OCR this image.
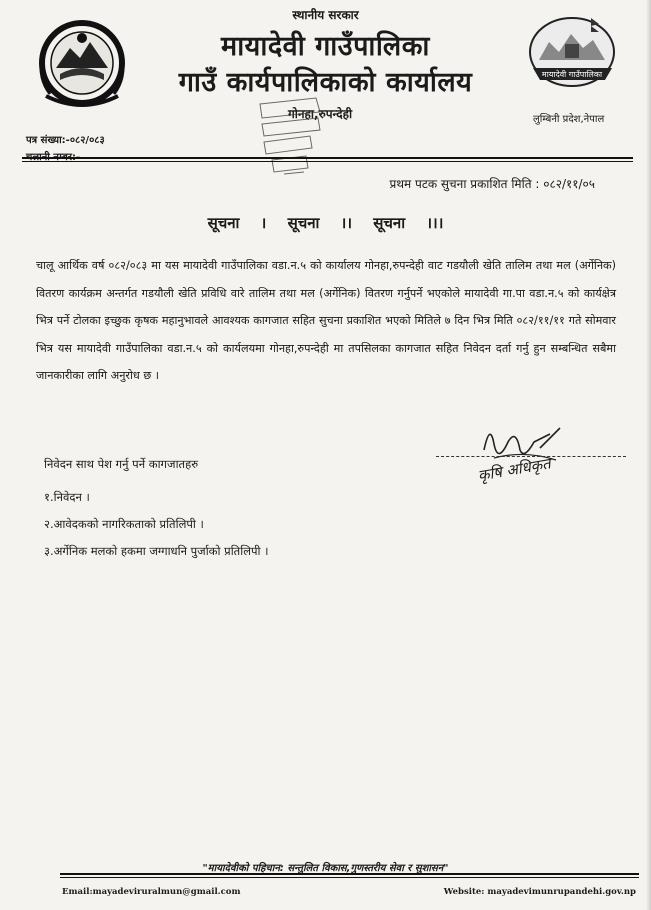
मायादेवी गाउँपालिका
स्थानीय सरकार
मायादेवी गाउँपालिका
गाउँ कार्यपालिकाको कार्यालय
गोनहा,रुपन्देही	लुम्बिनी प्रदेश,नेपाल
पत्र संख्या:-०८२/०८३
चलानी नम्बर:-
प्रथम पटक सुचना प्रकाशित मिति : ०८२/११/०५
सूचना । सूचना ।। सूचना ।।।
चालू आर्थिक वर्ष ०८२/०८३ मा यस मायादेवी गाउँपालिका वडा.न.५ को कार्यालय गोनहा,रुपन्देही वाट गडयौली खेति तालिम तथा मल (अर्गेनिक) वितरण कार्यक्रम अन्तर्गत गडयौली खेति प्रविधि वारे तालिम तथा मल (अर्गेनिक) वितरण गर्नुपर्ने भएकोले मायादेवी गा.पा वडा.न.५ को कार्यक्षेत्र भित्र पर्ने टोलका इच्छुक कृषक महानुभावले आवश्यक कागजात सहित सुचना प्रकाशित भएको मितिले ७ दिन भित्र मिति ०८२/११/११ गते सोमवार भित्र यस मायादेवी गाउँपालिका वडा.न.५ को कार्यलयमा गोनहा,रुपन्देही मा तपसिलका कागजात सहित निवेदन दर्ता गर्नु हुन सम्बन्धित सबैमा जानकारीका लागि अनुरोध छ ।
कृषि अधिकृत
निवेदन साथ पेश गर्नु पर्ने कागजातहरु
१.निवेदन ।
२.आवेदकको नागरिकताको प्रतिलिपी ।
३.अर्गेनिक मलको हकमा जग्गाधनि पुर्जाको प्रतिलिपी ।
"मायादेवीको पहिचान: सन्तुलित विकास,गुणस्तरीय सेवा र सुशासन"
Email:mayadeviruralmun@gmail.com	Website: mayadevimunrupandehi.gov.np
